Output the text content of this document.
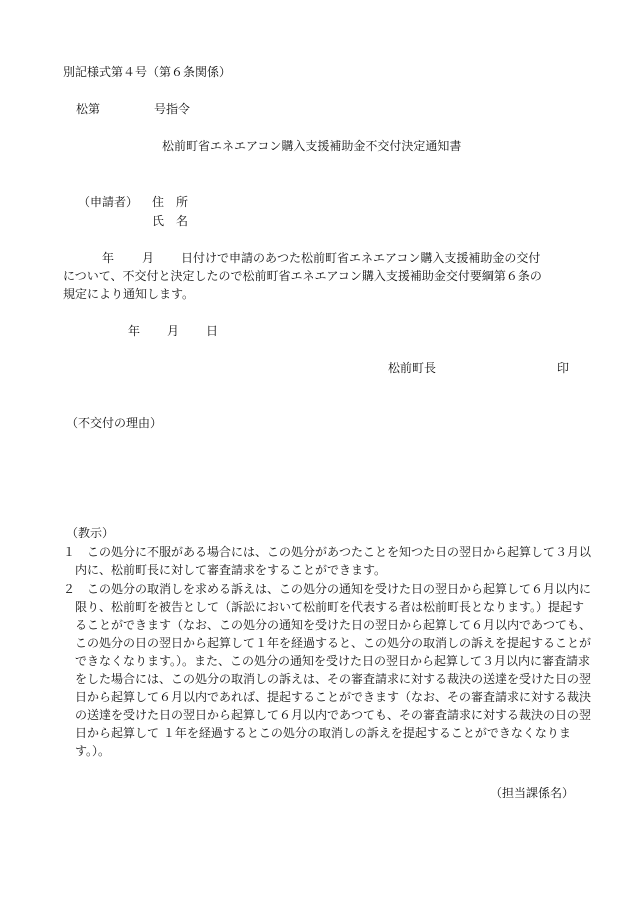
別記様式第４号（第６条関係）
松第	号指令
松前町省エネエアコン購入支援補助金不交付決定通知書
（申請者） 住　所
氏　名
年 月 日付けで申請のあつた松前町省エネエアコン購入支援補助金の交付
について、不交付と決定したので松前町省エネエアコン購入支援補助金交付要綱第６条の
規定により通知します。
年 月 日
松前町長	印
（不交付の理由）
（教示）
１ この処分に不服がある場合には、この処分があつたことを知つた日の翌日から起算して３月以内に、松前町長に対して審査請求をすることができます。
２ この処分の取消しを求める訴えは、この処分の通知を受けた日の翌日から起算して６月以内に限り、松前町を被告として（訴訟において松前町を代表する者は松前町長となります。）提起することができます（なお、この処分の通知を受けた日の翌日から起算して６月以内であつても、この処分の日の翌日から起算して１年を経過すると、この処分の取消しの訴えを提起することができなくなります。）。また、この処分の通知を受けた日の翌日から起算して３月以内に審査請求をした場合には、この処分の取消しの訴えは、その審査請求に対する裁決の送達を受けた日の翌日から起算して６月以内であれば、提起することができます（なお、その審査請求に対する裁決の送達を受けた日の翌日から起算して６月以内であつても、その審査請求に対する裁決の日の翌日から起算して １年を経過するとこの処分の取消しの訴えを提起することができなくなります。）。
（担当課係名）
